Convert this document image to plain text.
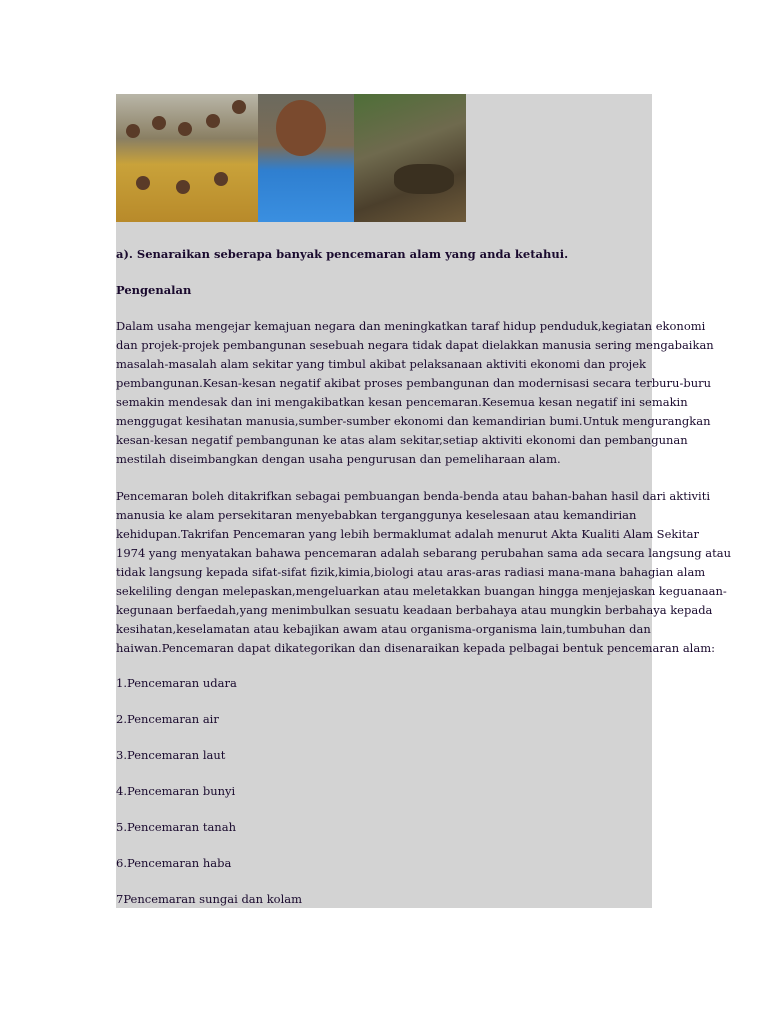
a). Senaraikan seberapa banyak pencemaran alam yang anda ketahui.

Pengenalan

Dalam usaha mengejar kemajuan negara dan meningkatkan taraf hidup penduduk,kegiatan ekonomi

dan projek-projek pembangunan sesebuah negara tidak dapat dielakkan manusia sering mengabaikan

masalah-masalah alam sekitar yang timbul akibat pelaksanaan aktiviti ekonomi dan projek

pembangunan.Kesan-kesan negatif akibat proses pembangunan dan modernisasi secara terburu-buru

semakin mendesak dan ini mengakibatkan kesan pencemaran.Kesemua kesan negatif ini semakin

menggugat kesihatan manusia,sumber-sumber ekonomi dan kemandirian bumi.Untuk mengurangkan

kesan-kesan negatif pembangunan ke atas alam sekitar,setiap aktiviti ekonomi dan pembangunan

mestilah diseimbangkan dengan usaha pengurusan dan pemeliharaan alam.

Pencemaran boleh ditakrifkan sebagai pembuangan benda-benda atau bahan-bahan hasil dari aktiviti

manusia ke alam persekitaran menyebabkan terganggunya keselesaan atau kemandirian

kehidupan.Takrifan Pencemaran yang lebih bermaklumat adalah menurut Akta Kualiti Alam Sekitar

1974 yang menyatakan bahawa pencemaran adalah sebarang perubahan sama ada secara langsung atau

tidak langsung kepada sifat-sifat fizik,kimia,biologi atau aras-aras radiasi mana-mana bahagian alam

sekeliling dengan melepaskan,mengeluarkan atau meletakkan buangan hingga menjejaskan keguanaan-

kegunaan berfaedah,yang menimbulkan sesuatu keadaan berbahaya atau mungkin berbahaya kepada

kesihatan,keselamatan atau kebajikan awam atau organisma-organisma lain,tumbuhan dan

haiwan.Pencemaran dapat dikategorikan dan disenaraikan kepada pelbagai bentuk pencemaran alam:

1.Pencemaran udara

2.Pencemaran air

3.Pencemaran laut

4.Pencemaran bunyi

5.Pencemaran tanah

6.Pencemaran haba

7Pencemaran sungai dan kolam
